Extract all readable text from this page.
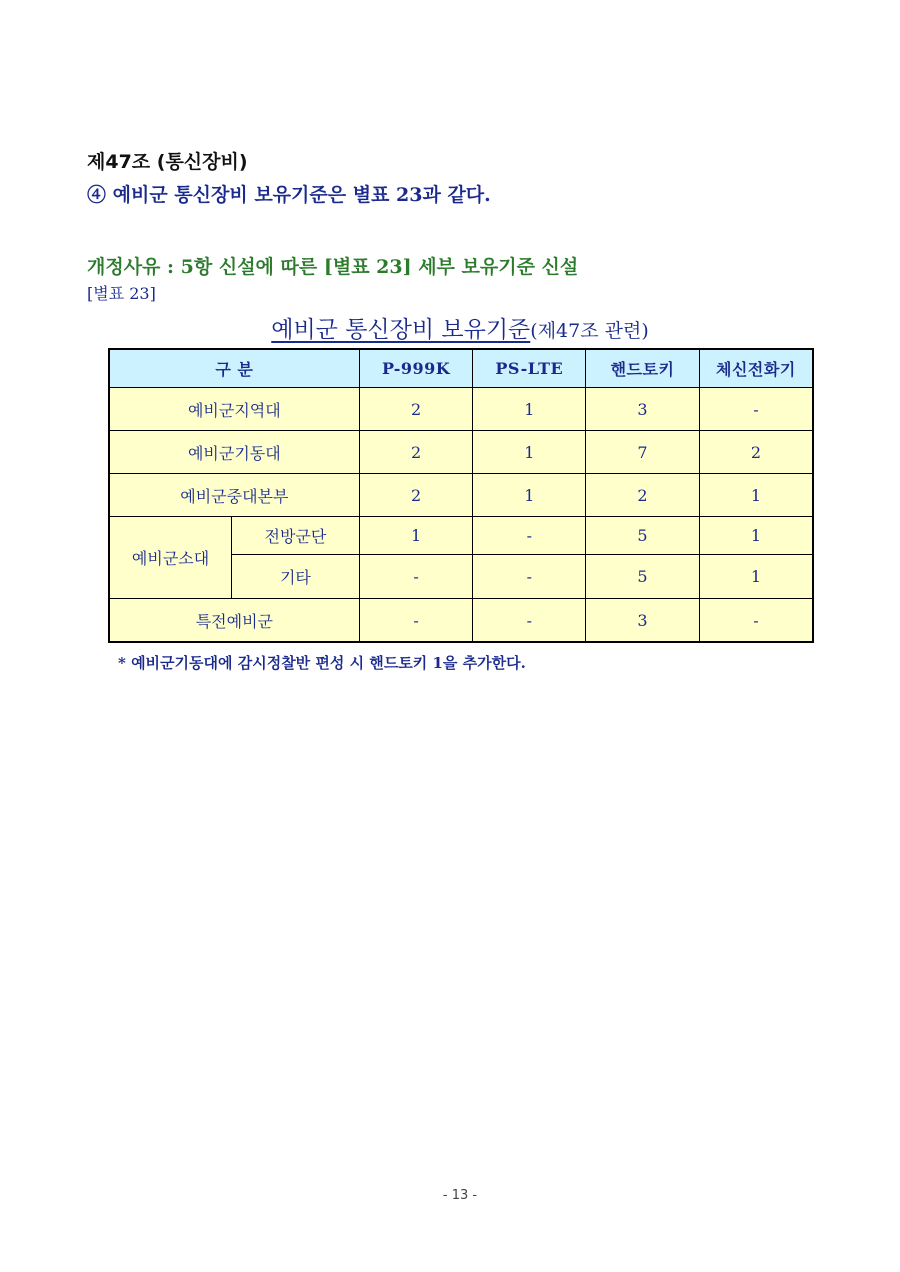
제47조 (통신장비)
④ 예비군 통신장비 보유기준은 별표 23과 같다.
개정사유 : 5항 신설에 따른 [별표 23] 세부 보유기준 신설
[별표 23]
예비군 통신장비 보유기준(제47조 관련)
구 분		P-999K	PS-LTE	핸드토키	체신전화기
예비군지역대		2	1	3	-
예비군기동대		2	1	7	2
예비군중대본부		2	1	2	1
예비군소대	전방군단	1	-	5	1
	기타	-	-	5	1
특전예비군		-	-	3	-
* 예비군기동대에 감시정찰반 편성 시 핸드토키 1을 추가한다.
- 13 -
